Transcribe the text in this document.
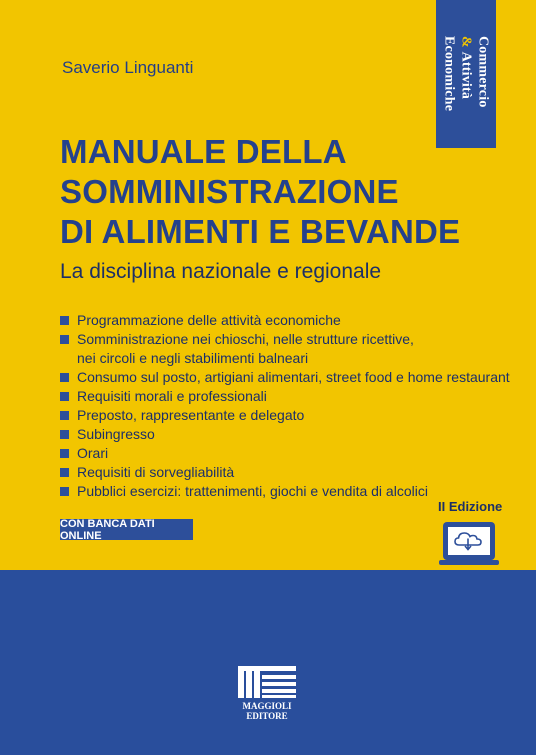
Commercio
& Attività
Economiche
Saverio Linguanti
MANUALE DELLA
SOMMINISTRAZIONE
DI ALIMENTI E BEVANDE
La disciplina nazionale e regionale
Programmazione delle attività economiche
Somministrazione nei chioschi, nelle strutture ricettive,
nei circoli e negli stabilimenti balneari
Consumo sul posto, artigiani alimentari, street food e home restaurant
Requisiti morali e professionali
Preposto, rappresentante e delegato
Subingresso
Orari
Requisiti di sorvegliabilità
Pubblici esercizi: trattenimenti, giochi e vendita di alcolici
II Edizione
CON BANCA DATI ONLINE
MAGGIOLI
EDITORE
